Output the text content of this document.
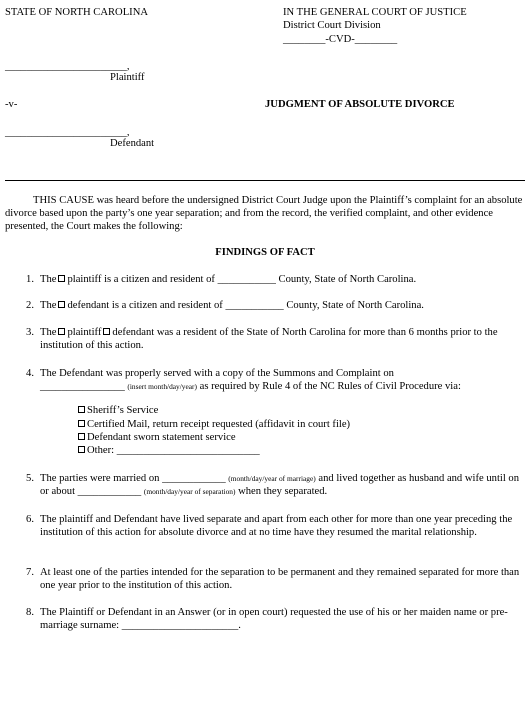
STATE OF NORTH CAROLINA	IN THE GENERAL COURT OF JUSTICE
District Court Division
________-CVD-________
_______________________,
Plaintiff
-v-	JUDGMENT OF ABSOLUTE DIVORCE
_______________________,
Defendant
THIS CAUSE was heard before the undersigned District Court Judge upon the Plaintiff’s complaint for an absolute divorce based upon the party’s one year separation; and from the record, the verified complaint, and other evidence presented, the Court makes the following:
FINDINGS OF FACT
1. The plaintiff is a citizen and resident of ___________ County, State of North Carolina.
2. The defendant is a citizen and resident of ___________ County, State of North Carolina.
3. The plaintiff defendant was a resident of the State of North Carolina for more than 6 months prior to the institution of this action.
4. The Defendant was properly served with a copy of the Summons and Complaint on
________________ (insert month/day/year) as required by Rule 4 of the NC Rules of Civil Procedure via:
Sheriff’s Service
Certified Mail, return receipt requested (affidavit in court file)
Defendant sworn statement service
Other: ___________________________
5. The parties were married on ____________ (month/day/year of marriage) and lived together as husband and wife until on or about ____________ (month/day/year of separation) when they separated.
6. The plaintiff and Defendant have lived separate and apart from each other for more than one year preceding the institution of this action for absolute divorce and at no time have they resumed the marital relationship.
7. At least one of the parties intended for the separation to be permanent and they remained separated for more than one year prior to the institution of this action.
8. The Plaintiff or Defendant in an Answer (or in open court) requested the use of his or her maiden name or pre-marriage surname: ______________________.
